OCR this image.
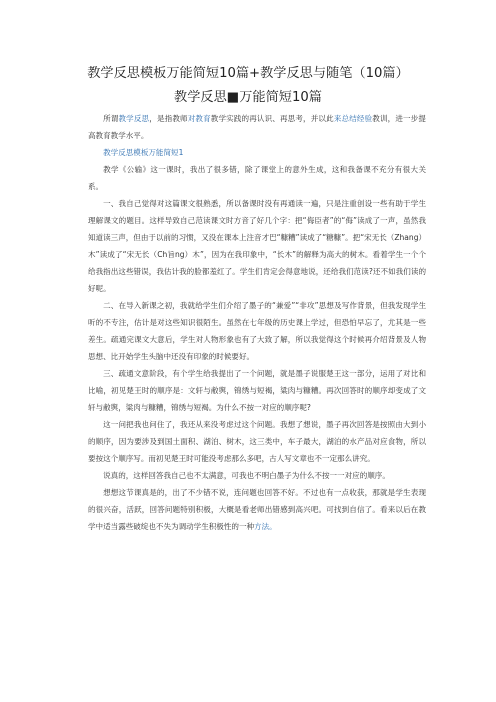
教学反思模板万能简短10篇+教学反思与随笔（10篇）
教学反思■万能简短10篇

所谓教学反思，是指教师对教育教学实践的再认识、再思考，并以此来总结经验教训，进一步提高教育教学水平。

教学反思模板万能简短1

教学《公输》这一课时，我出了很多错，除了课堂上的意外生成，这和我备课不充分有很大关系。

一、我自己觉得对这篇课文很熟悉，所以备课时没有再通读一遍，只是注重创设一些有助于学生理解课文的题目。这样导致自己范读课文时方音了好几个字：把“侮臣者”的“侮”读成了一声，虽然我知道读三声，但由于以前的习惯，又没在课本上注音才巴“糠糟”读成了“糖糠”。把“宋无长（Zhang）木”读成了“宋无长（Ch旨ng）木”，因为在我印象中，“长木”的解释为高大的树木。看着学生一个个给我指出这些错误，我估计我的脸都羞红了。学生们肯定会得意地说，还给我们范读?还不如我们读的好呢。

二、在导入新课之初，我就给学生们介绍了墨子的“兼爱”“非攻”思想及写作背景，但我发现学生听的不专注，估计是对这些知识很陌生。虽然在七年级的历史课上学过，但恐怕早忘了，尤其是一些差生。疏通完课文大意后，学生对人物形象也有了大致了解，所以我觉得这个时候再介绍背景及人物思想、比开始学生头脑中还没有印象的时候要好。

三、疏通文意阶段，有个学生给我提出了一个问题，就是墨子说服楚王这一部分，运用了对比和比喻，初见楚王时的顺序是：文轩与敝舆，锦绣与短褐，粱肉与糠糟。再次回答时的顺序却变成了文轩与敝舆，粱肉与糠糟，锦绣与短褐。为什么不按一对应的顺序呢?

这一问把我也问住了，我还从来没考虑过这个问题。我想了想说，墨子再次回答是按照由大到小的顺序，因为要涉及到国土面积、湖泊、树木，这三类中，车子最大，湖泊的水产品对应食物，所以要按这个顺序写。而初见楚王时可能没考虑那么多吧，古人写文章也不一定那么讲究。

说真的，这样回答我自己也不太满意，可我也不明白墨子为什么不按一一对应的顺序。

想想这节课真是的，出了不少错不说，连问题也回答不好。不过也有一点收获，那就是学生表现的很兴奋，活跃，回答问题特别积极，大概是看老师出错感到高兴吧。可找到自信了。看来以后在教学中适当露些破绽也不失为调动学生积极性的一种方法。
